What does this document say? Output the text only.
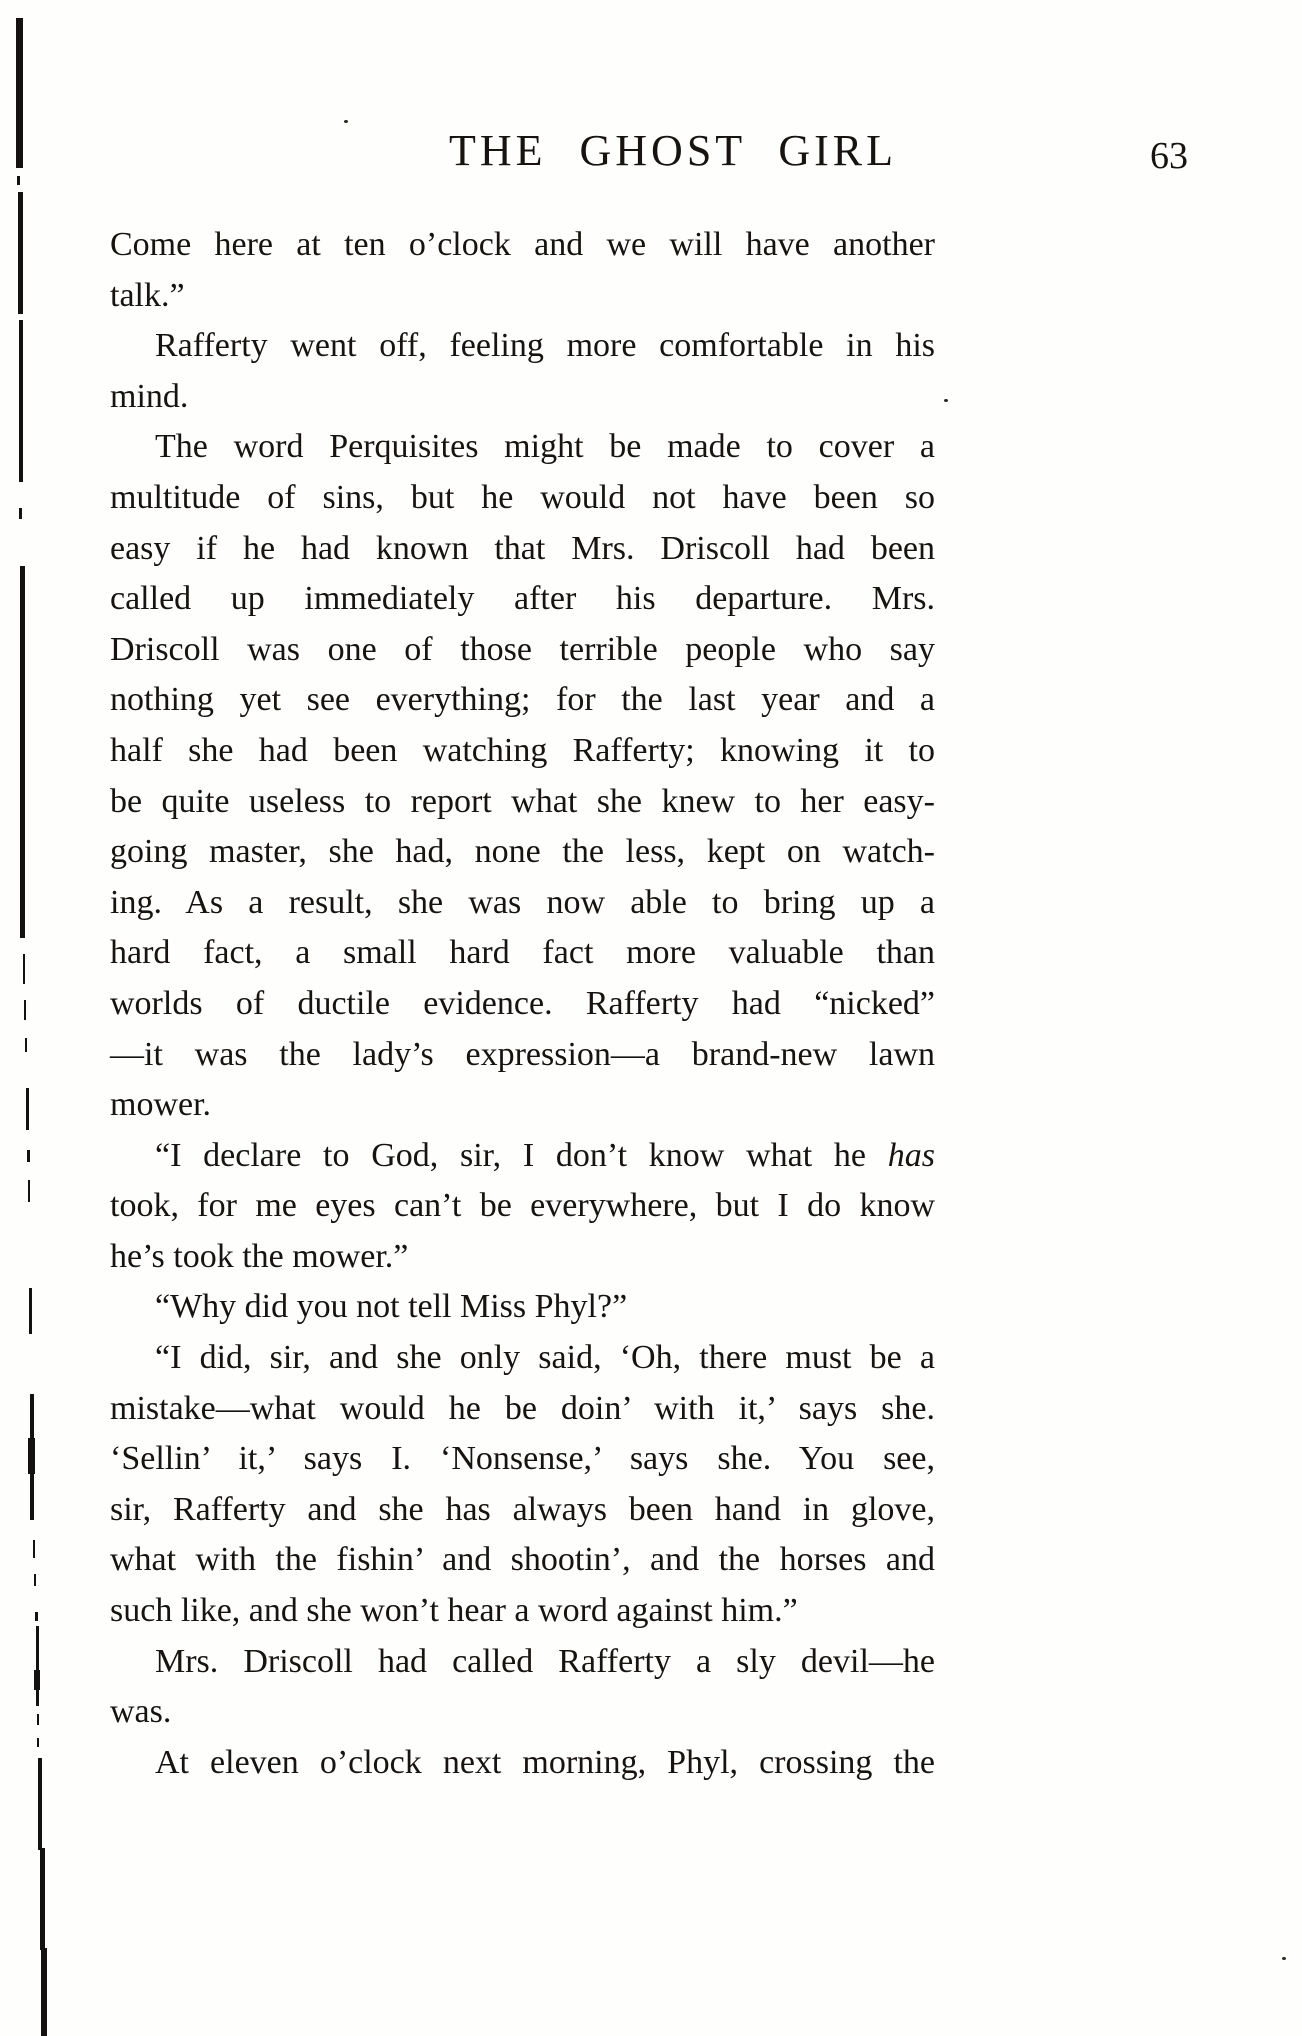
THE GHOST GIRL	63
Come here at ten o’clock and we will have another
talk.”
Rafferty went off, feeling more comfortable in his
mind.
The word Perquisites might be made to cover a
multitude of sins, but he would not have been so
easy if he had known that Mrs. Driscoll had been
called up immediately after his departure. Mrs.
Driscoll was one of those terrible people who say
nothing yet see everything; for the last year and a
half she had been watching Rafferty; knowing it to
be quite useless to report what she knew to her easy-
going master, she had, none the less, kept on watch-
ing. As a result, she was now able to bring up a
hard fact, a small hard fact more valuable than
worlds of ductile evidence. Rafferty had “nicked”
—it was the lady’s expression—a brand-new lawn
mower.
“I declare to God, sir, I don’t know what he has
took, for me eyes can’t be everywhere, but I do know
he’s took the mower.”
“Why did you not tell Miss Phyl?”
“I did, sir, and she only said, ‘Oh, there must be a
mistake—what would he be doin’ with it,’ says she.
‘Sellin’ it,’ says I. ‘Nonsense,’ says she. You see,
sir, Rafferty and she has always been hand in glove,
what with the fishin’ and shootin’, and the horses and
such like, and she won’t hear a word against him.”
Mrs. Driscoll had called Rafferty a sly devil—he
was.
At eleven o’clock next morning, Phyl, crossing the
